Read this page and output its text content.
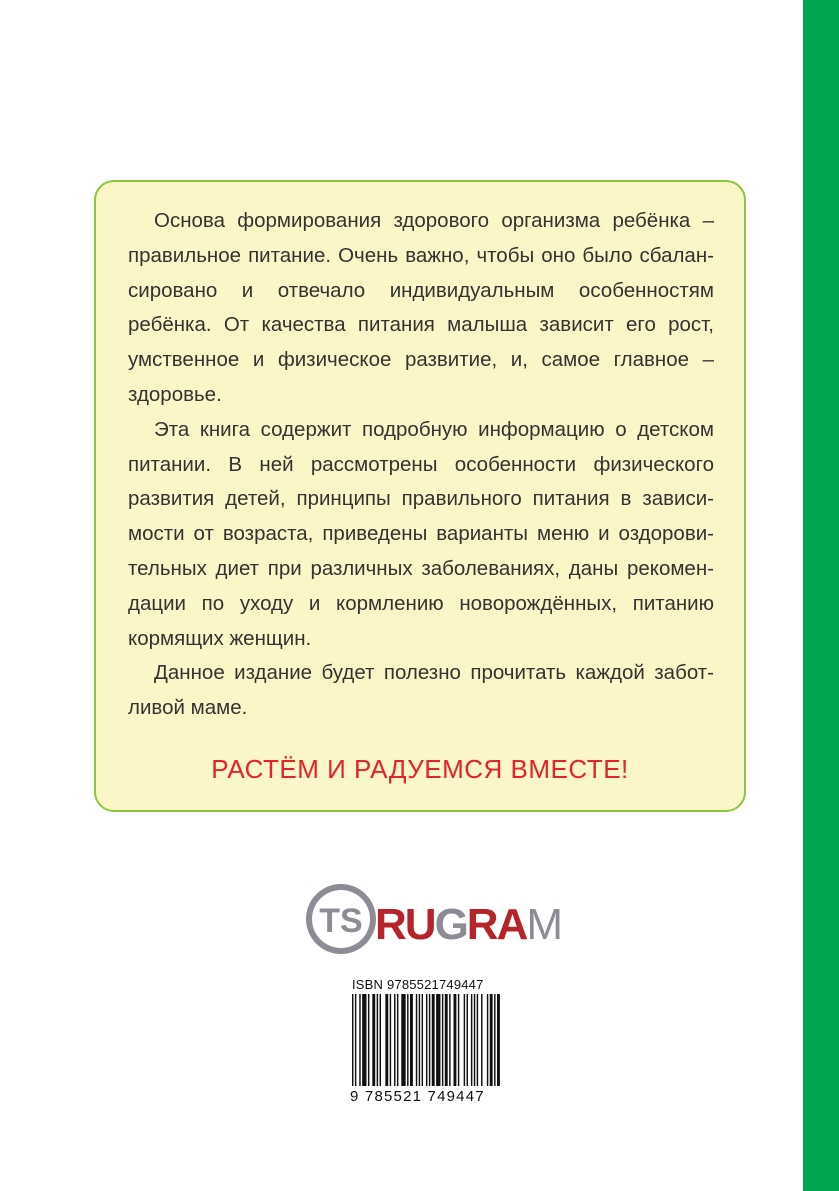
Основа формирования здорового организма ребёнка – правильное питание. Очень важно, чтобы оно было сбалансировано и отвечало индивидуальным особенностям ребёнка. От качества питания малыша зависит его рост, умственное и физическое развитие, и, самое главное – здоровье.

Эта книга содержит подробную информацию о детском питании. В ней рассмотрены особенности физического развития детей, принципы правильного питания в зависимости от возраста, приведены варианты меню и оздоровительных диет при различных заболеваниях, даны рекомендации по уходу и кормлению новорождённых, питанию кормящих женщин.

Данное издание будет полезно прочитать каждой заботливой маме.

РАСТЁМ И РАДУЕМСЯ ВМЕСТЕ!
TS RUGRAM
ISBN 9785521749447
9 785521 749447
